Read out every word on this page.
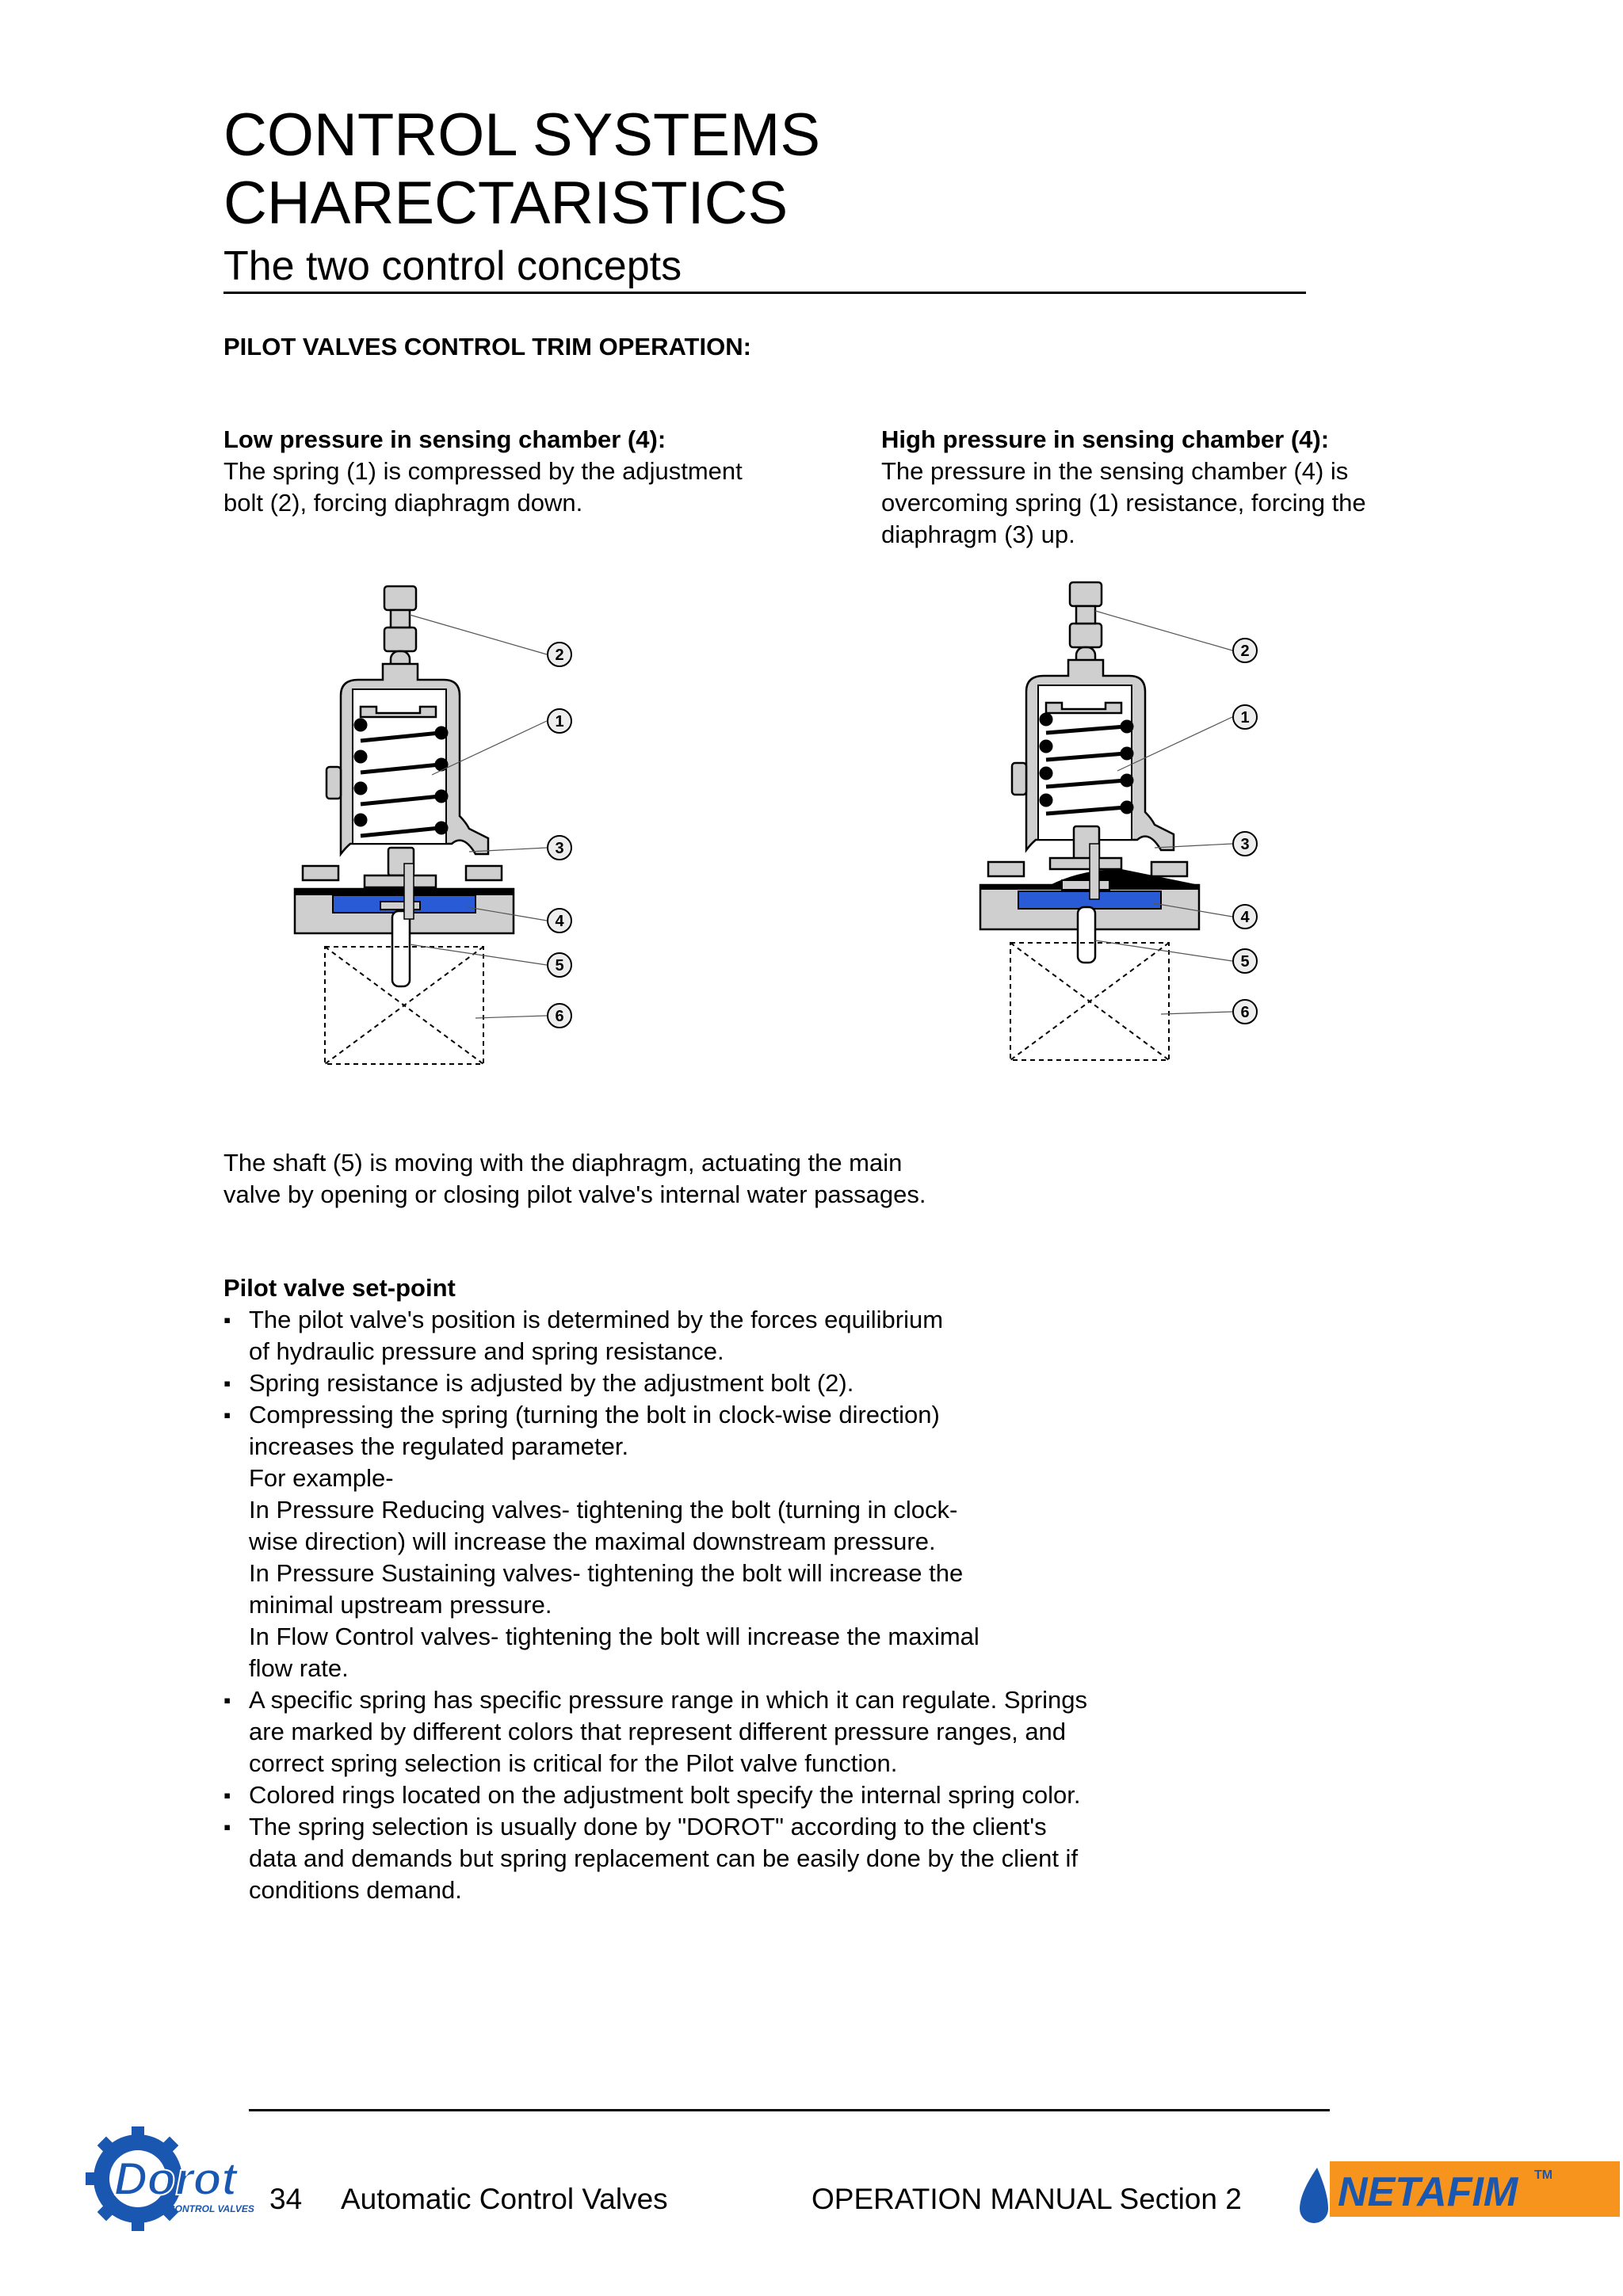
CONTROL SYSTEMS
CHARECTARISTICS
The two control concepts
PILOT VALVES CONTROL TRIM OPERATION:
Low pressure in sensing chamber (4):
The spring (1) is compressed by the adjustment
bolt (2), forcing diaphragm down.
High pressure in sensing chamber (4):
The pressure in the sensing chamber (4) is
overcoming spring (1) resistance, forcing the
diaphragm (3) up.
2
1
3
4
5
6
2
1
3
4
5
6
The shaft (5) is moving with the diaphragm, actuating the main
valve by opening or closing pilot valve's internal water passages.
Pilot valve set-point
▪ The pilot valve's position is determined by the forces equilibrium
of hydraulic pressure and spring resistance.
▪ Spring resistance is adjusted by the adjustment bolt (2).
▪ Compressing the spring (turning the bolt in clock-wise direction)
increases the regulated parameter.
For example-
In Pressure Reducing valves- tightening the bolt (turning in clock-
wise direction) will increase the maximal downstream pressure.
In Pressure Sustaining valves- tightening the bolt will increase the
minimal upstream pressure.
In Flow Control valves- tightening the bolt will increase the maximal
flow rate.
▪ A specific spring has specific pressure range in which it can regulate. Springs
are marked by different colors that represent different pressure ranges, and
correct spring selection is critical for the Pilot valve function.
▪ Colored rings located on the adjustment bolt specify the internal spring color.
▪ The spring selection is usually done by "DOROT" according to the client's
data and demands but spring replacement can be easily done by the client if
conditions demand.
Dorot
CONTROL VALVES 34 Automatic Control Valves	OPERATION MANUAL Section 2 NETAFIM TM
